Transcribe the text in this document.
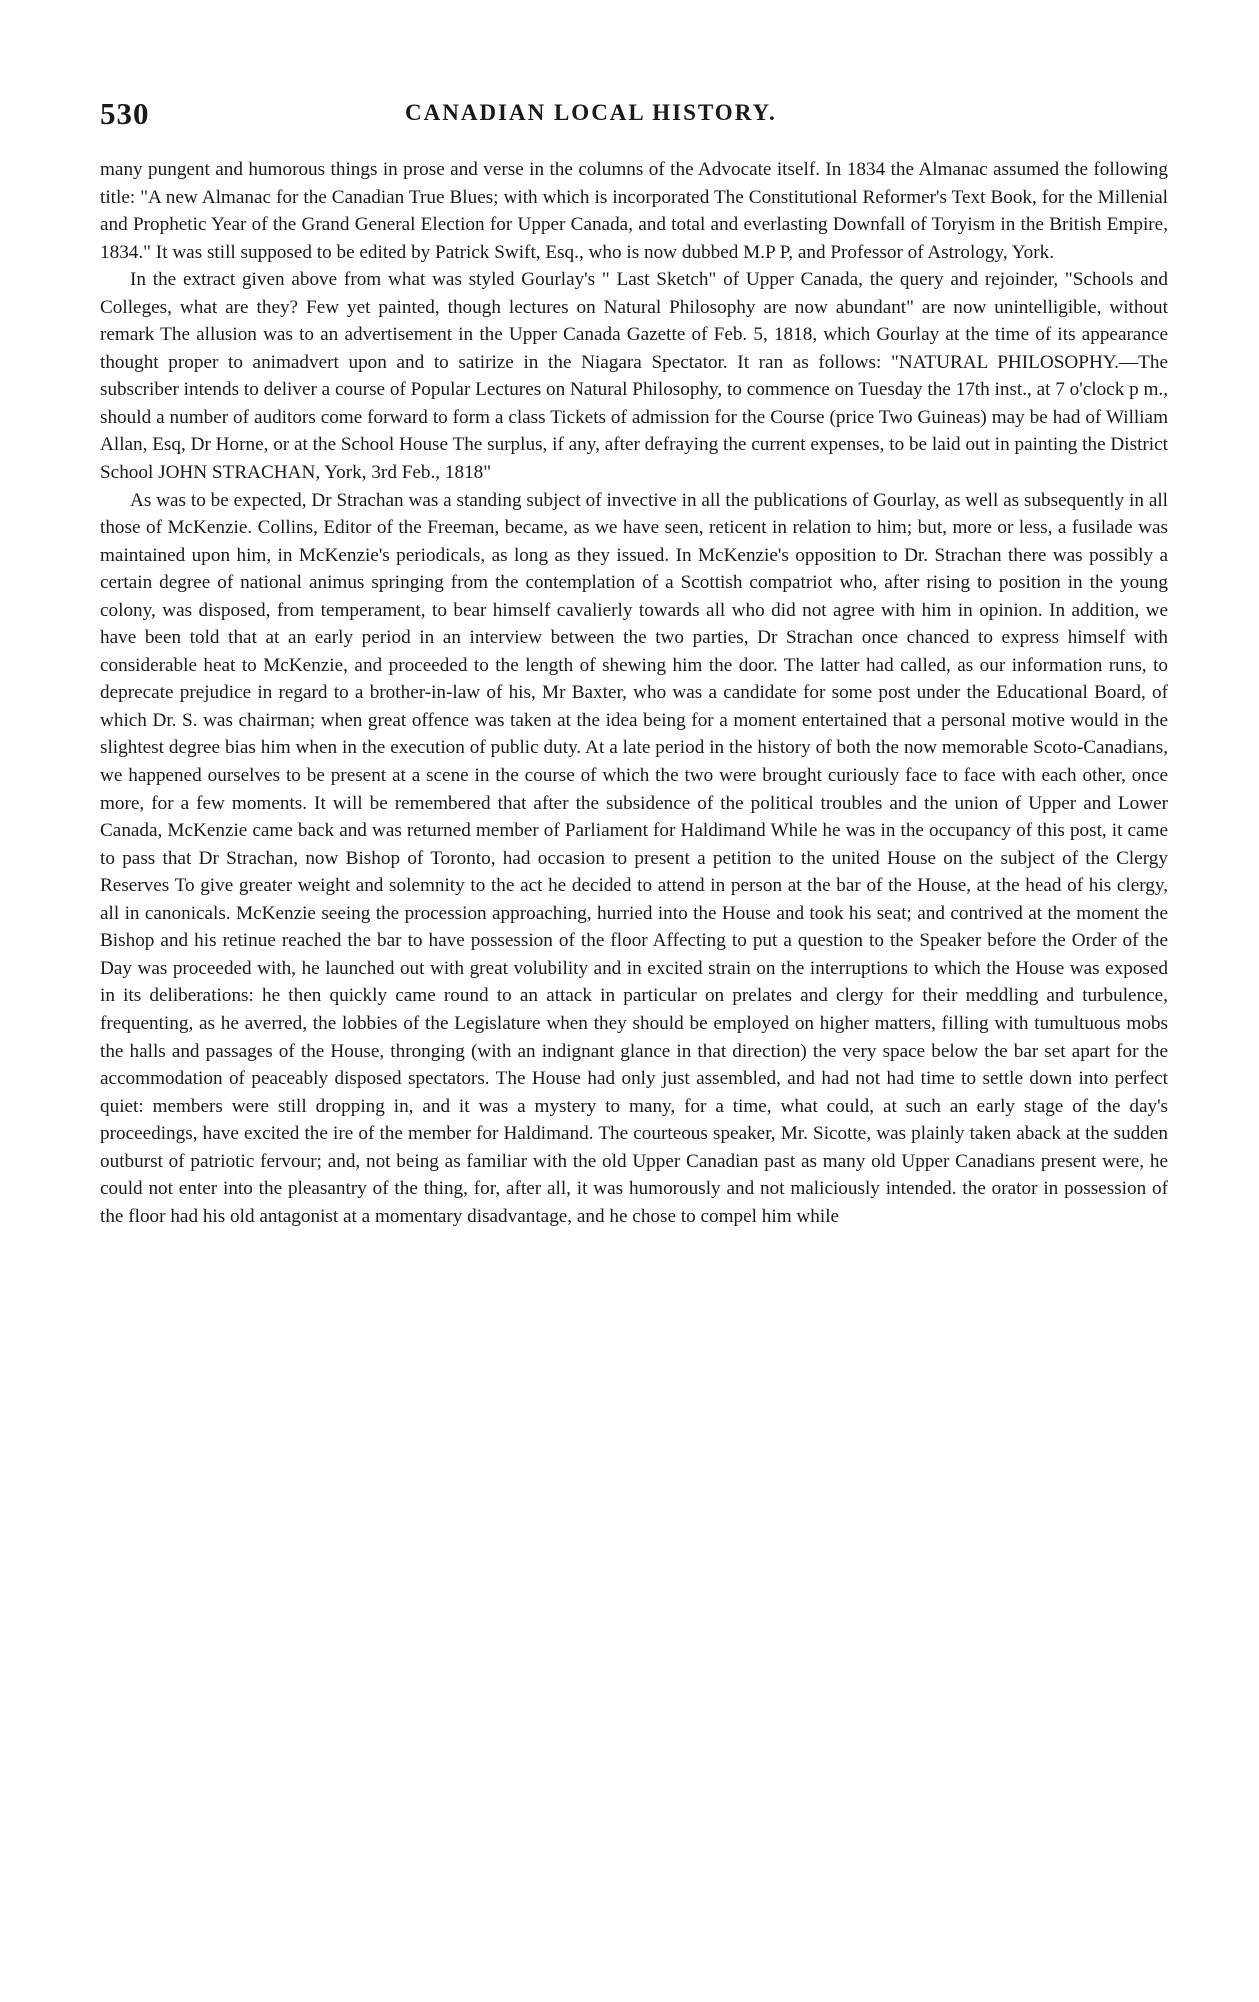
530	CANADIAN LOCAL HISTORY.

many pungent and humorous things in prose and verse in the columns of the Advocate itself. In 1834 the Almanac assumed the following title: "A new Almanac for the Canadian True Blues; with which is incorporated The Constitutional Reformer's Text Book, for the Millenial and Prophetic Year of the Grand General Election for Upper Canada, and total and everlasting Downfall of Toryism in the British Empire, 1834." It was still supposed to be edited by Patrick Swift, Esq., who is now dubbed M.P P, and Professor of Astrology, York.

In the extract given above from what was styled Gourlay's " Last Sketch" of Upper Canada, the query and rejoinder, "Schools and Colleges, what are they? Few yet painted, though lectures on Natural Philosophy are now abundant" are now unintelligible, without remark The allusion was to an advertisement in the Upper Canada Gazette of Feb. 5, 1818, which Gourlay at the time of its appearance thought proper to animadvert upon and to satirize in the Niagara Spectator. It ran as follows: "NATURAL PHILOSOPHY.—The subscriber intends to deliver a course of Popular Lectures on Natural Philosophy, to commence on Tuesday the 17th inst., at 7 o'clock p m., should a number of auditors come forward to form a class Tickets of admission for the Course (price Two Guineas) may be had of William Allan, Esq, Dr Horne, or at the School House The surplus, if any, after defraying the current expenses, to be laid out in painting the District School JOHN STRACHAN, York, 3rd Feb., 1818"

As was to be expected, Dr Strachan was a standing subject of invective in all the publications of Gourlay, as well as subsequently in all those of McKenzie. Collins, Editor of the Freeman, became, as we have seen, reticent in relation to him; but, more or less, a fusilade was maintained upon him, in McKenzie's periodicals, as long as they issued. In McKenzie's opposition to Dr. Strachan there was possibly a certain degree of national animus springing from the contemplation of a Scottish compatriot who, after rising to position in the young colony, was disposed, from temperament, to bear himself cavalierly towards all who did not agree with him in opinion. In addition, we have been told that at an early period in an interview between the two parties, Dr Strachan once chanced to express himself with considerable heat to McKenzie, and proceeded to the length of shewing him the door. The latter had called, as our information runs, to deprecate prejudice in regard to a brother-in-law of his, Mr Baxter, who was a candidate for some post under the Educational Board, of which Dr. S. was chairman; when great offence was taken at the idea being for a moment entertained that a personal motive would in the slightest degree bias him when in the execution of public duty. At a late period in the history of both the now memorable Scoto-Canadians, we happened ourselves to be present at a scene in the course of which the two were brought curiously face to face with each other, once more, for a few moments. It will be remembered that after the subsidence of the political troubles and the union of Upper and Lower Canada, McKenzie came back and was returned member of Parliament for Haldimand While he was in the occupancy of this post, it came to pass that Dr Strachan, now Bishop of Toronto, had occasion to present a petition to the united House on the subject of the Clergy Reserves To give greater weight and solemnity to the act he decided to attend in person at the bar of the House, at the head of his clergy, all in canonicals. McKenzie seeing the procession approaching, hurried into the House and took his seat; and contrived at the moment the Bishop and his retinue reached the bar to have possession of the floor Affecting to put a question to the Speaker before the Order of the Day was proceeded with, he launched out with great volubility and in excited strain on the interruptions to which the House was exposed in its deliberations: he then quickly came round to an attack in particular on prelates and clergy for their meddling and turbulence, frequenting, as he averred, the lobbies of the Legislature when they should be employed on higher matters, filling with tumultuous mobs the halls and passages of the House, thronging (with an indignant glance in that direction) the very space below the bar set apart for the accommodation of peaceably disposed spectators. The House had only just assembled, and had not had time to settle down into perfect quiet: members were still dropping in, and it was a mystery to many, for a time, what could, at such an early stage of the day's proceedings, have excited the ire of the member for Haldimand. The courteous speaker, Mr. Sicotte, was plainly taken aback at the sudden outburst of patriotic fervour; and, not being as familiar with the old Upper Canadian past as many old Upper Canadians present were, he could not enter into the pleasantry of the thing, for, after all, it was humorously and not maliciously intended. the orator in possession of the floor had his old antagonist at a momentary disadvantage, and he chose to compel him while
